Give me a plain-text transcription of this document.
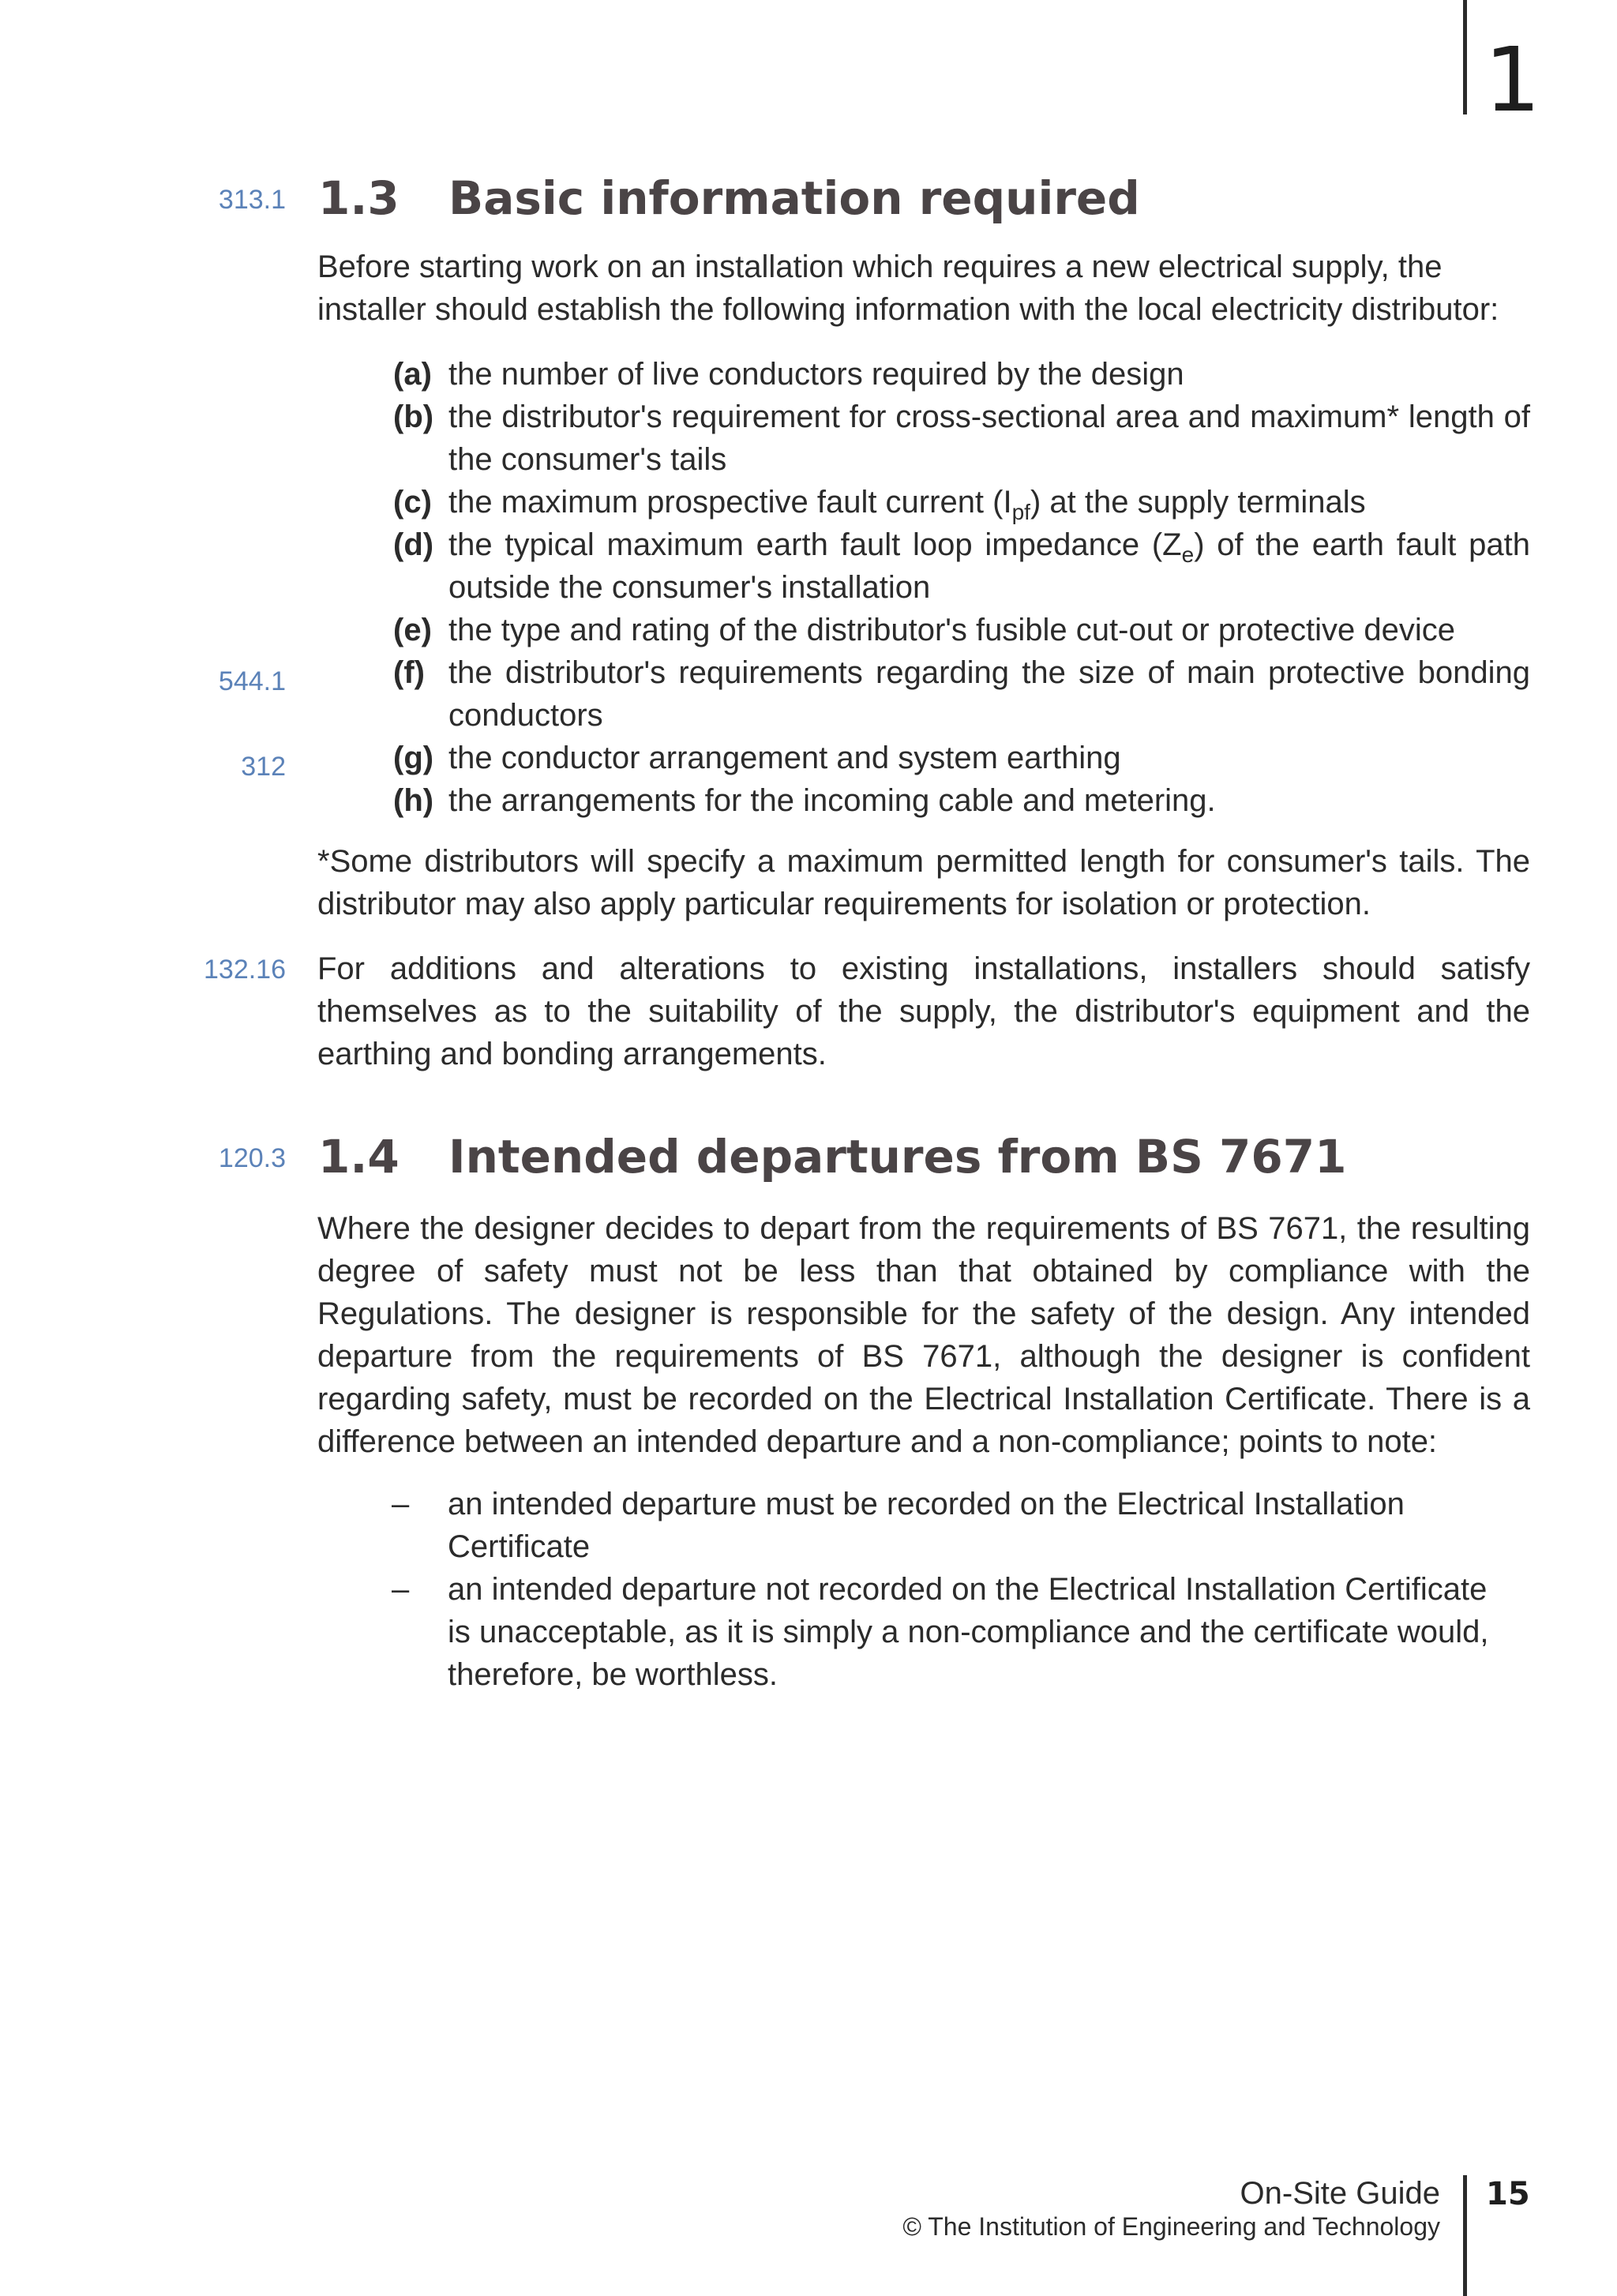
1
313.1 1.3 Basic information required
Before starting work on an installation which requires a new electrical supply, the installer should establish the following information with the local electricity distributor:
(a) the number of live conductors required by the design
(b) the distributor's requirement for cross-sectional area and maximum* length of the consumer's tails
(c) the maximum prospective fault current $(I_{pf})$ at the supply terminals
(d) the typical maximum earth fault loop impedance $(Z_e)$ of the earth fault path outside the consumer's installation
(e) the type and rating of the distributor's fusible cut-out or protective device
544.1	(f) the distributor's requirements regarding the size of main protective bonding conductors
312	(g) the conductor arrangement and system earthing
(h) the arrangements for the incoming cable and metering.
*Some distributors will specify a maximum permitted length for consumer's tails. The distributor may also apply particular requirements for isolation or protection.
132.16 For additions and alterations to existing installations, installers should satisfy themselves as to the suitability of the supply, the distributor's equipment and the earthing and bonding arrangements.
120.3 1.4 Intended departures from BS 7671
Where the designer decides to depart from the requirements of BS 7671, the resulting degree of safety must not be less than that obtained by compliance with the Regulations. The designer is responsible for the safety of the design. Any intended departure from the requirements of BS 7671, although the designer is confident regarding safety, must be recorded on the Electrical Installation Certificate. There is a difference between an intended departure and a non-compliance; points to note:
– an intended departure must be recorded on the Electrical Installation Certificate
– an intended departure not recorded on the Electrical Installation Certificate is unacceptable, as it is simply a non-compliance and the certificate would, therefore, be worthless.
On-Site Guide
© The Institution of Engineering and Technology
15
